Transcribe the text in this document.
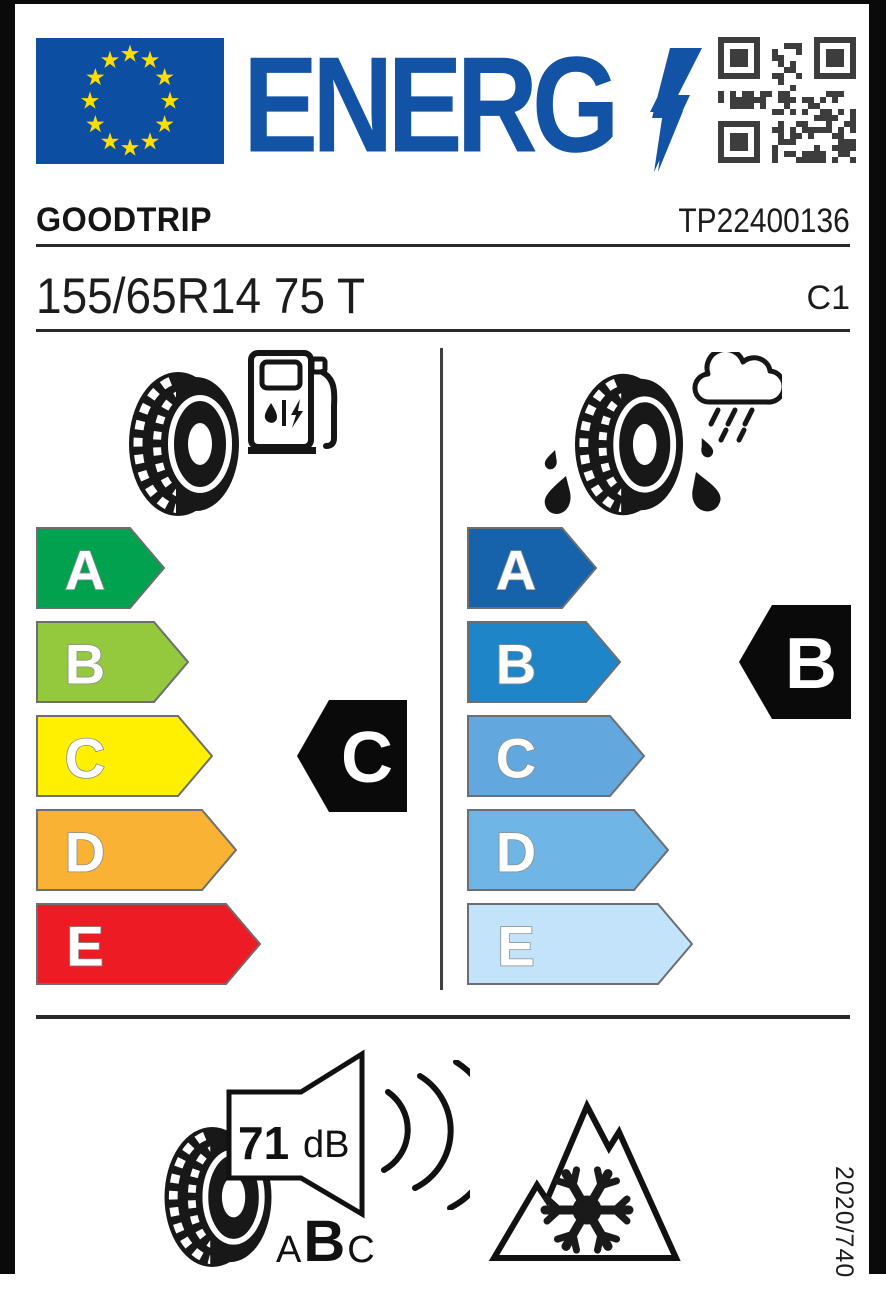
ENERG
GOODTRIP	TP22400136
155/65R14 75 T	C1
A
B
C
D
E
A
B
C
D
E
C
B
71 dB
A B C	2020/740
